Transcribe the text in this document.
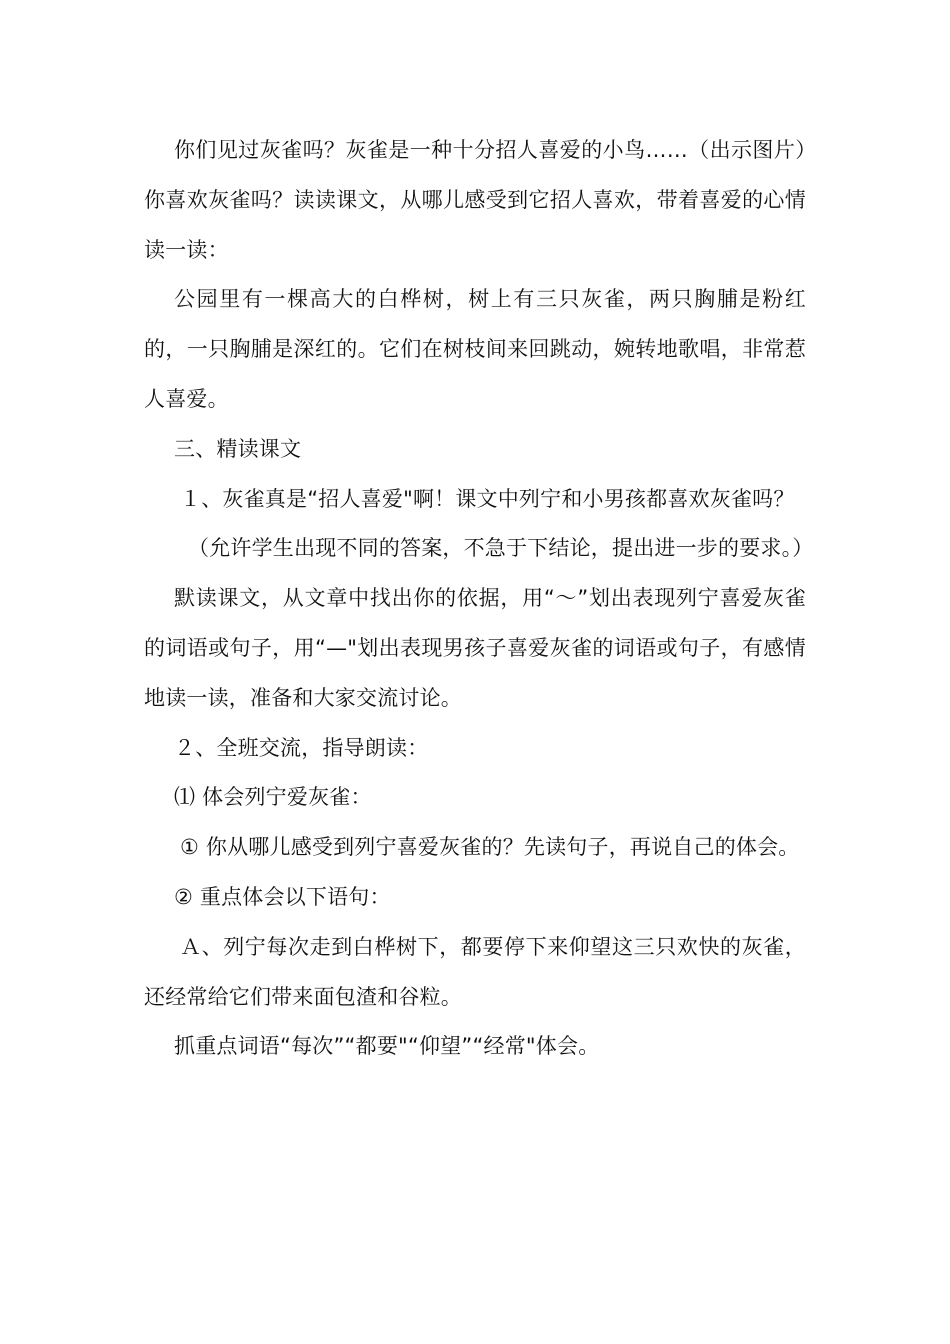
你们见过灰雀吗？灰雀是一种十分招人喜爱的小鸟……（出示图片）你喜欢灰雀吗？读读课文，从哪儿感受到它招人喜欢，带着喜爱的心情读一读：

公园里有一棵高大的白桦树，树上有三只灰雀，两只胸脯是粉红的，一只胸脯是深红的。它们在树枝间来回跳动，婉转地歌唱，非常惹人喜爱。

三、精读课文

１、灰雀真是“招人喜爱"啊！课文中列宁和小男孩都喜欢灰雀吗？

（允许学生出现不同的答案，不急于下结论，提出进一步的要求。）

默读课文，从文章中找出你的依据，用“～”划出表现列宁喜爱灰雀的词语或句子，用“—"划出表现男孩子喜爱灰雀的词语或句子，有感情地读一读，准备和大家交流讨论。

２、全班交流，指导朗读：

⑴ 体会列宁爱灰雀：

① 你从哪儿感受到列宁喜爱灰雀的？先读句子，再说自己的体会。

② 重点体会以下语句：

Ａ、列宁每次走到白桦树下，都要停下来仰望这三只欢快的灰雀，还经常给它们带来面包渣和谷粒。

抓重点词语“每次”“都要"“仰望”“经常"体会。
